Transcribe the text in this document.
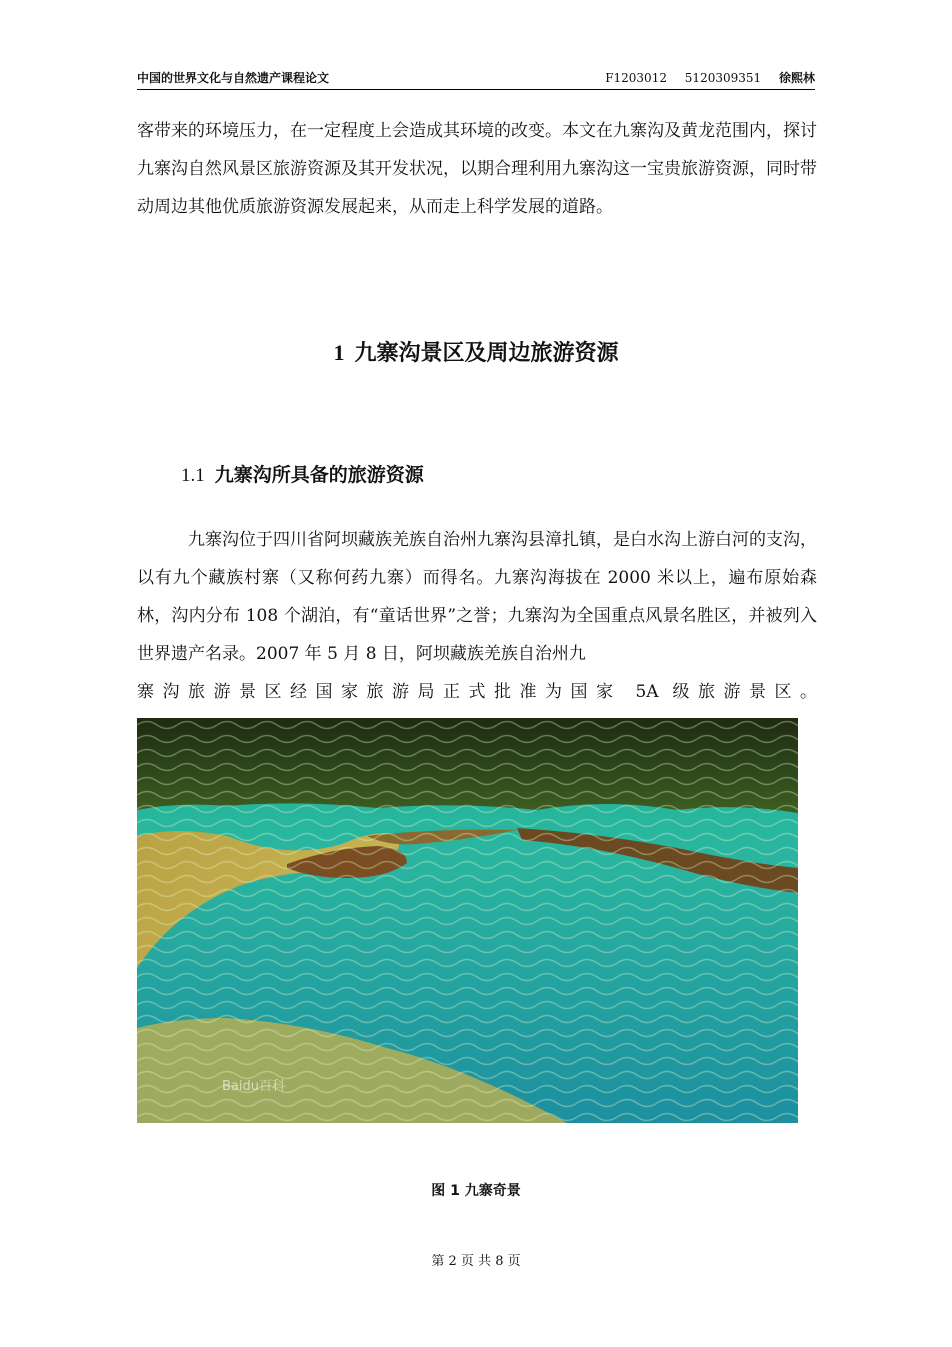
中国的世界文化与自然遗产课程论文	F1203012 5120309351 徐熙林
客带来的环境压力，在一定程度上会造成其环境的改变。本文在九寨沟及黄龙范围内，探讨九寨沟自然风景区旅游资源及其开发状况，以期合理利用九寨沟这一宝贵旅游资源，同时带动周边其他优质旅游资源发展起来，从而走上科学发展的道路。
1 九寨沟景区及周边旅游资源
1.1 九寨沟所具备的旅游资源
九寨沟位于四川省阿坝藏族羌族自治州九寨沟县漳扎镇，是白水沟上游白河的支沟，以有九个藏族村寨（又称何药九寨）而得名。九寨沟海拔在 2000 米以上，遍布原始森林，沟内分布 108 个湖泊，有“童话世界”之誉；九寨沟为全国重点风景名胜区，并被列入世界遗产名录。2007 年 5 月 8 日，阿坝藏族羌族自治州九
寨沟旅游景区经国家旅游局正式批准为国家 5A 级旅游景区。
Baidu百科
图 1 九寨奇景
第 2 页 共 8 页
